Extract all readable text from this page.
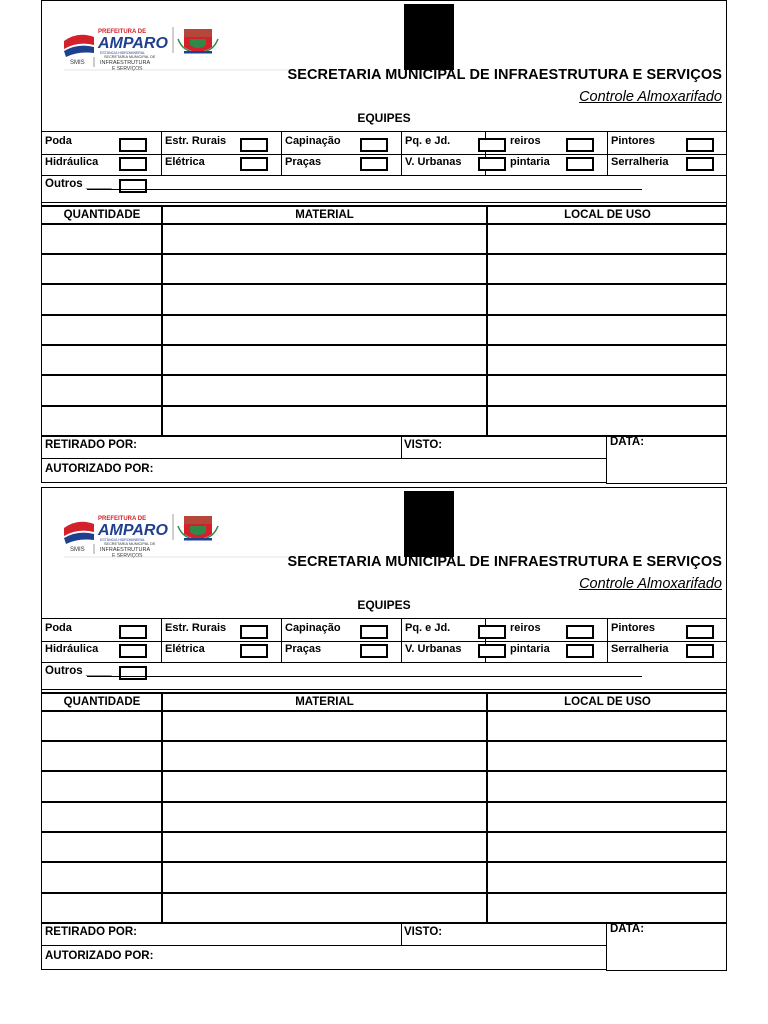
PREFEITURA DE
AMPARO
ESTÂNCIA HIDROMINERAL
SMIS
SECRETARIA MUNICIPAL DE
INFRAESTRUTURA
E SERVIÇOS	SECRETARIA MUNICIPAL DE INFRAESTRUTURA E SERVIÇOS
Controle Almoxarifado
EQUIPES
Poda	Estr. Rurais	Capinação	Pq. e Jd.	reiros	Pintores
Hidráulica	Elétrica	Praças	V. Urbanas	pintaria	Serralheria
Outros ____
QUANTIDADE	MATERIAL	LOCAL DE USO
RETIRADO POR:	VISTO:
AUTORIZADO POR:
DATA:
PREFEITURA DE
AMPARO
ESTÂNCIA HIDROMINERAL
SMIS
SECRETARIA MUNICIPAL DE
INFRAESTRUTURA
E SERVIÇOS	SECRETARIA MUNICIPAL DE INFRAESTRUTURA E SERVIÇOS
Controle Almoxarifado
EQUIPES
Poda	Estr. Rurais	Capinação	Pq. e Jd.	reiros	Pintores
Hidráulica	Elétrica	Praças	V. Urbanas	pintaria	Serralheria
Outros ____
QUANTIDADE	MATERIAL	LOCAL DE USO
RETIRADO POR:	VISTO:
AUTORIZADO POR:
DATA:
